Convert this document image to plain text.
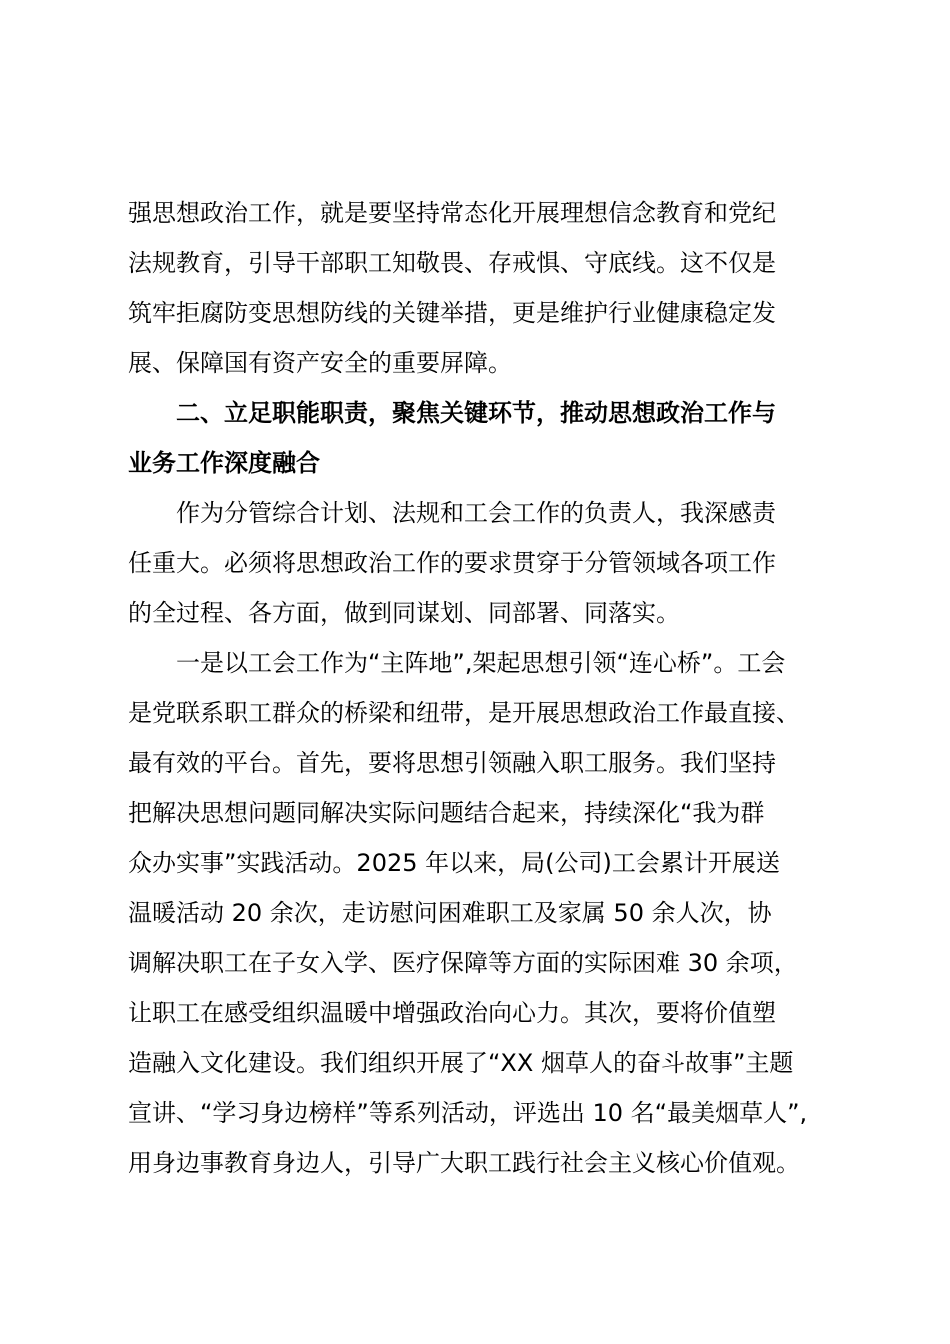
强思想政治工作，就是要坚持常态化开展理想信念教育和党纪
法规教育，引导干部职工知敬畏、存戒惧、守底线。这不仅是
筑牢拒腐防变思想防线的关键举措，更是维护行业健康稳定发
展、保障国有资产安全的重要屏障。
二、立足职能职责，聚焦关键环节，推动思想政治工作与
业务工作深度融合
作为分管综合计划、法规和工会工作的负责人，我深感责
任重大。必须将思想政治工作的要求贯穿于分管领域各项工作
的全过程、各方面，做到同谋划、同部署、同落实。
一是以工会工作为“主阵地”,架起思想引领“连心桥”。工会
是党联系职工群众的桥梁和纽带，是开展思想政治工作最直接、
最有效的平台。首先，要将思想引领融入职工服务。我们坚持
把解决思想问题同解决实际问题结合起来，持续深化“我为群
众办实事”实践活动。2025 年以来，局(公司)工会累计开展送
温暖活动 20 余次，走访慰问困难职工及家属 50 余人次，协
调解决职工在子女入学、医疗保障等方面的实际困难 30 余项，
让职工在感受组织温暖中增强政治向心力。其次，要将价值塑
造融入文化建设。我们组织开展了“XX 烟草人的奋斗故事”主题
宣讲、“学习身边榜样”等系列活动，评选出 10 名“最美烟草人”,
用身边事教育身边人，引导广大职工践行社会主义核心价值观。
